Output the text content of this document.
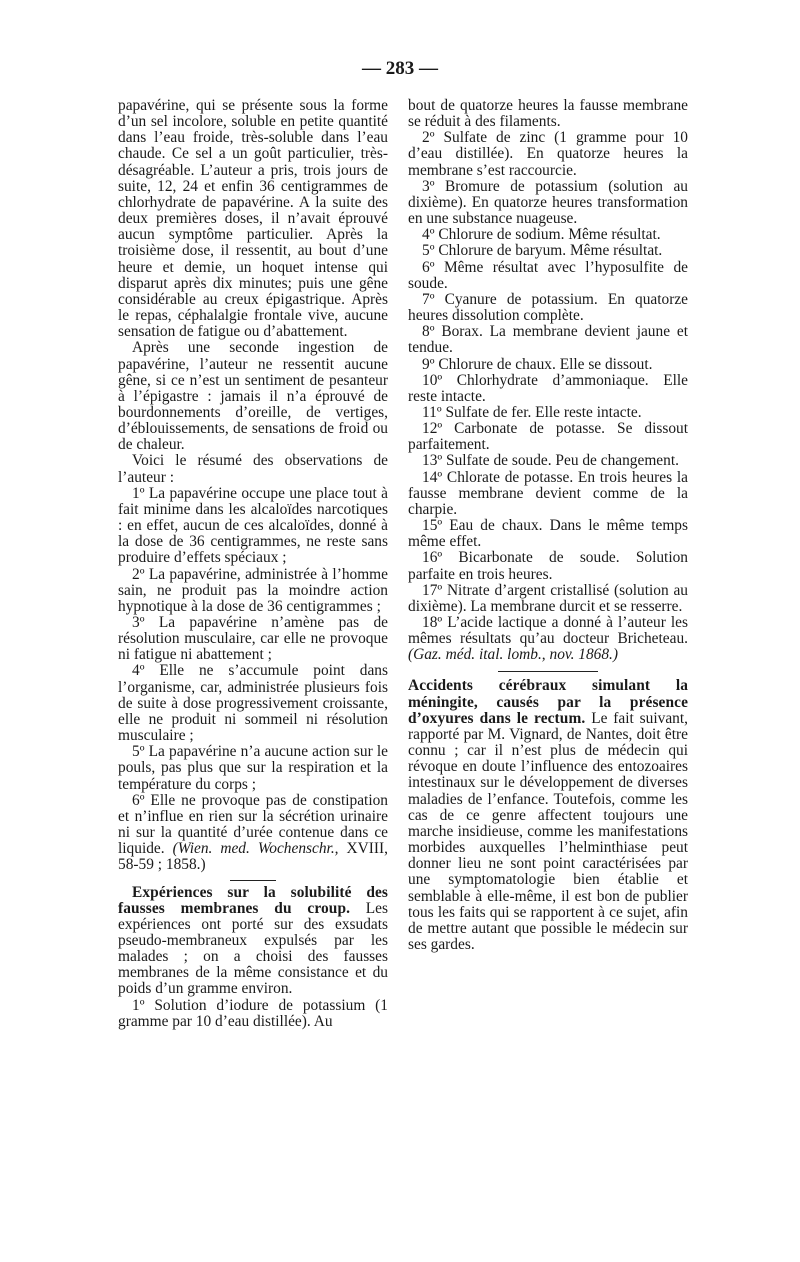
— 283 —

papavérine, qui se présente sous la forme d’un sel incolore, soluble en petite quantité dans l’eau froide, très-soluble dans l’eau chaude. Ce sel a un goût particulier, très-désagréable. L’auteur a pris, trois jours de suite, 12, 24 et enfin 36 centigrammes de chlorhydrate de papavérine. A la suite des deux premières doses, il n’avait éprouvé aucun symptôme particulier. Après la troisième dose, il ressentit, au bout d’une heure et demie, un hoquet intense qui disparut après dix minutes; puis une gêne considérable au creux épigastrique. Après le repas, céphalalgie frontale vive, aucune sensation de fatigue ou d’abattement.

Après une seconde ingestion de papavérine, l’auteur ne ressentit aucune gêne, si ce n’est un sentiment de pesanteur à l’épigastre : jamais il n’a éprouvé de bourdonnements d’oreille, de vertiges, d’éblouissements, de sensations de froid ou de chaleur.

Voici le résumé des observations de l’auteur :

1º La papavérine occupe une place tout à fait minime dans les alcaloïdes narcotiques : en effet, aucun de ces alcaloïdes, donné à la dose de 36 centigrammes, ne reste sans produire d’effets spéciaux ;

2º La papavérine, administrée à l’homme sain, ne produit pas la moindre action hypnotique à la dose de 36 centigrammes ;

3º La papavérine n’amène pas de résolution musculaire, car elle ne provoque ni fatigue ni abattement ;

4º Elle ne s’accumule point dans l’organisme, car, administrée plusieurs fois de suite à dose progressivement croissante, elle ne produit ni sommeil ni résolution musculaire ;

5º La papavérine n’a aucune action sur le pouls, pas plus que sur la respiration et la température du corps ;

6º Elle ne provoque pas de constipation et n’influe en rien sur la sécrétion urinaire ni sur la quantité d’urée contenue dans ce liquide. (Wien. med. Wochenschr., XVIII, 58-59 ; 1858.)

Expériences sur la solubilité des fausses membranes du croup. Les expériences ont porté sur des exsudats pseudo-membraneux expulsés par les malades ; on a choisi des fausses membranes de la même consistance et du poids d’un gramme environ.

1º Solution d’iodure de potassium (1 gramme par 10 d’eau distillée). Au

bout de quatorze heures la fausse membrane se réduit à des filaments.

2º Sulfate de zinc (1 gramme pour 10 d’eau distillée). En quatorze heures la membrane s’est raccourcie.

3º Bromure de potassium (solution au dixième). En quatorze heures transformation en une substance nuageuse.

4º Chlorure de sodium. Même résultat.

5º Chlorure de baryum. Même résultat.

6º Même résultat avec l’hyposulfite de soude.

7º Cyanure de potassium. En quatorze heures dissolution complète.

8º Borax. La membrane devient jaune et tendue.

9º Chlorure de chaux. Elle se dissout.

10º Chlorhydrate d’ammoniaque. Elle reste intacte.

11º Sulfate de fer. Elle reste intacte.

12º Carbonate de potasse. Se dissout parfaitement.

13º Sulfate de soude. Peu de changement.

14º Chlorate de potasse. En trois heures la fausse membrane devient comme de la charpie.

15º Eau de chaux. Dans le même temps même effet.

16º Bicarbonate de soude. Solution parfaite en trois heures.

17º Nitrate d’argent cristallisé (solution au dixième). La membrane durcit et se resserre.

18º L’acide lactique a donné à l’auteur les mêmes résultats qu’au docteur Bricheteau. (Gaz. méd. ital. lomb., nov. 1868.)

Accidents cérébraux simulant la méningite, causés par la présence d’oxyures dans le rectum. Le fait suivant, rapporté par M. Vignard, de Nantes, doit être connu ; car il n’est plus de médecin qui révoque en doute l’influence des entozoaires intestinaux sur le développement de diverses maladies de l’enfance. Toutefois, comme les cas de ce genre affectent toujours une marche insidieuse, comme les manifestations morbides auxquelles l’helminthiase peut donner lieu ne sont point caractérisées par une symptomatologie bien établie et semblable à elle-même, il est bon de publier tous les faits qui se rapportent à ce sujet, afin de mettre autant que possible le médecin sur ses gardes.
